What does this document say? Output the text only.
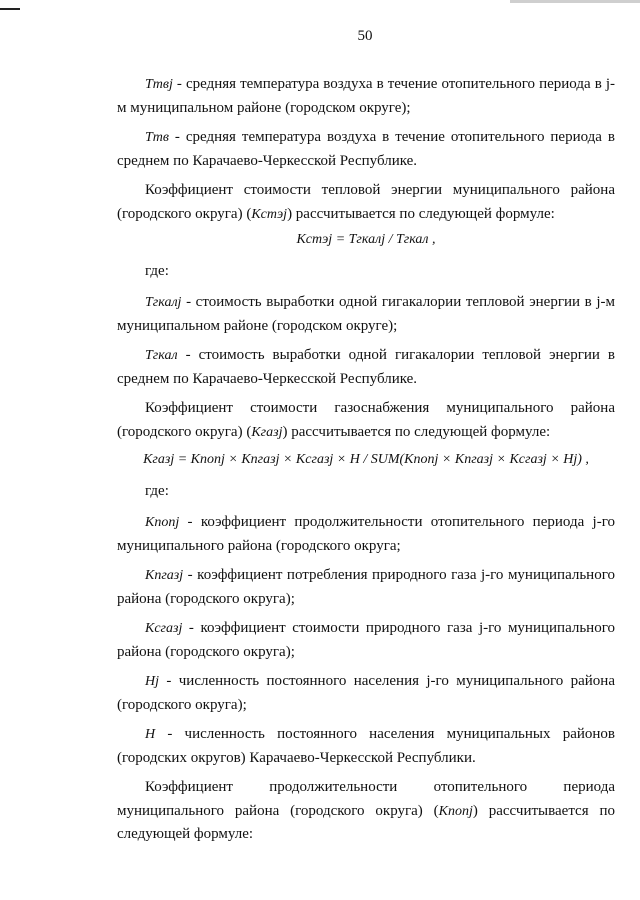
50

Tтвj - средняя температура воздуха в течение отопительного периода в j-м муниципальном районе (городском округе);

Tтв - средняя температура воздуха в течение отопительного периода в среднем по Карачаево-Черкесской Республике.

Коэффициент стоимости тепловой энергии муниципального района (городского округа) (Kстэj) рассчитывается по следующей формуле:

Kстэj = Tгкалj / Tгкал ,

где:

Tгкалj - стоимость выработки одной гигакалории тепловой энергии в j-м муниципальном районе (городском округе);

Tгкал - стоимость выработки одной гигакалории тепловой энергии в среднем по Карачаево-Черкесской Республике.

Коэффициент стоимости газоснабжения муниципального района (городского округа) (Kгазj) рассчитывается по следующей формуле:

Kгазj = Kпопj × Kпгазj × Kсгазj × H / SUM(Kпопj × Kпгазj × Kсгазj × Hj) ,

где:

Kпопj - коэффициент продолжительности отопительного периода j-го муниципального района (городского округа;

Kпгазj - коэффициент потребления природного газа j-го муниципального района (городского округа);

Kсгазj - коэффициент стоимости природного газа j-го муниципального района (городского округа);

Hj - численность постоянного населения j-го муниципального района (городского округа);

H - численность постоянного населения муниципальных районов (городских округов) Карачаево-Черкесской Республики.

Коэффициент продолжительности отопительного периода муниципального района (городского округа) (Kпопj) рассчитывается по следующей формуле:
